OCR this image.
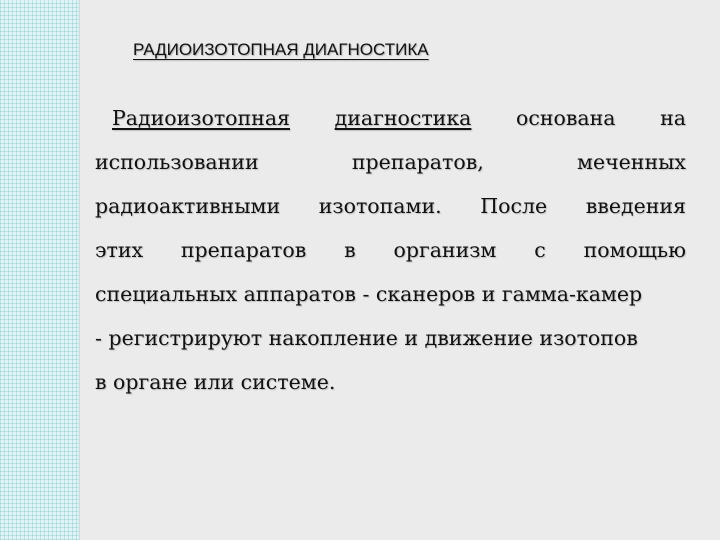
РАДИОИЗОТОПНАЯ ДИАГНОСТИКА
Радиоизотопная диагностика основана на
использовании	препаратов,	меченных
радиоактивными изотопами. После введения
этих препаратов в организм с помощью
специальных аппаратов - сканеров и гамма-камер
- регистрируют накопление и движение изотопов
в органе или системе.
